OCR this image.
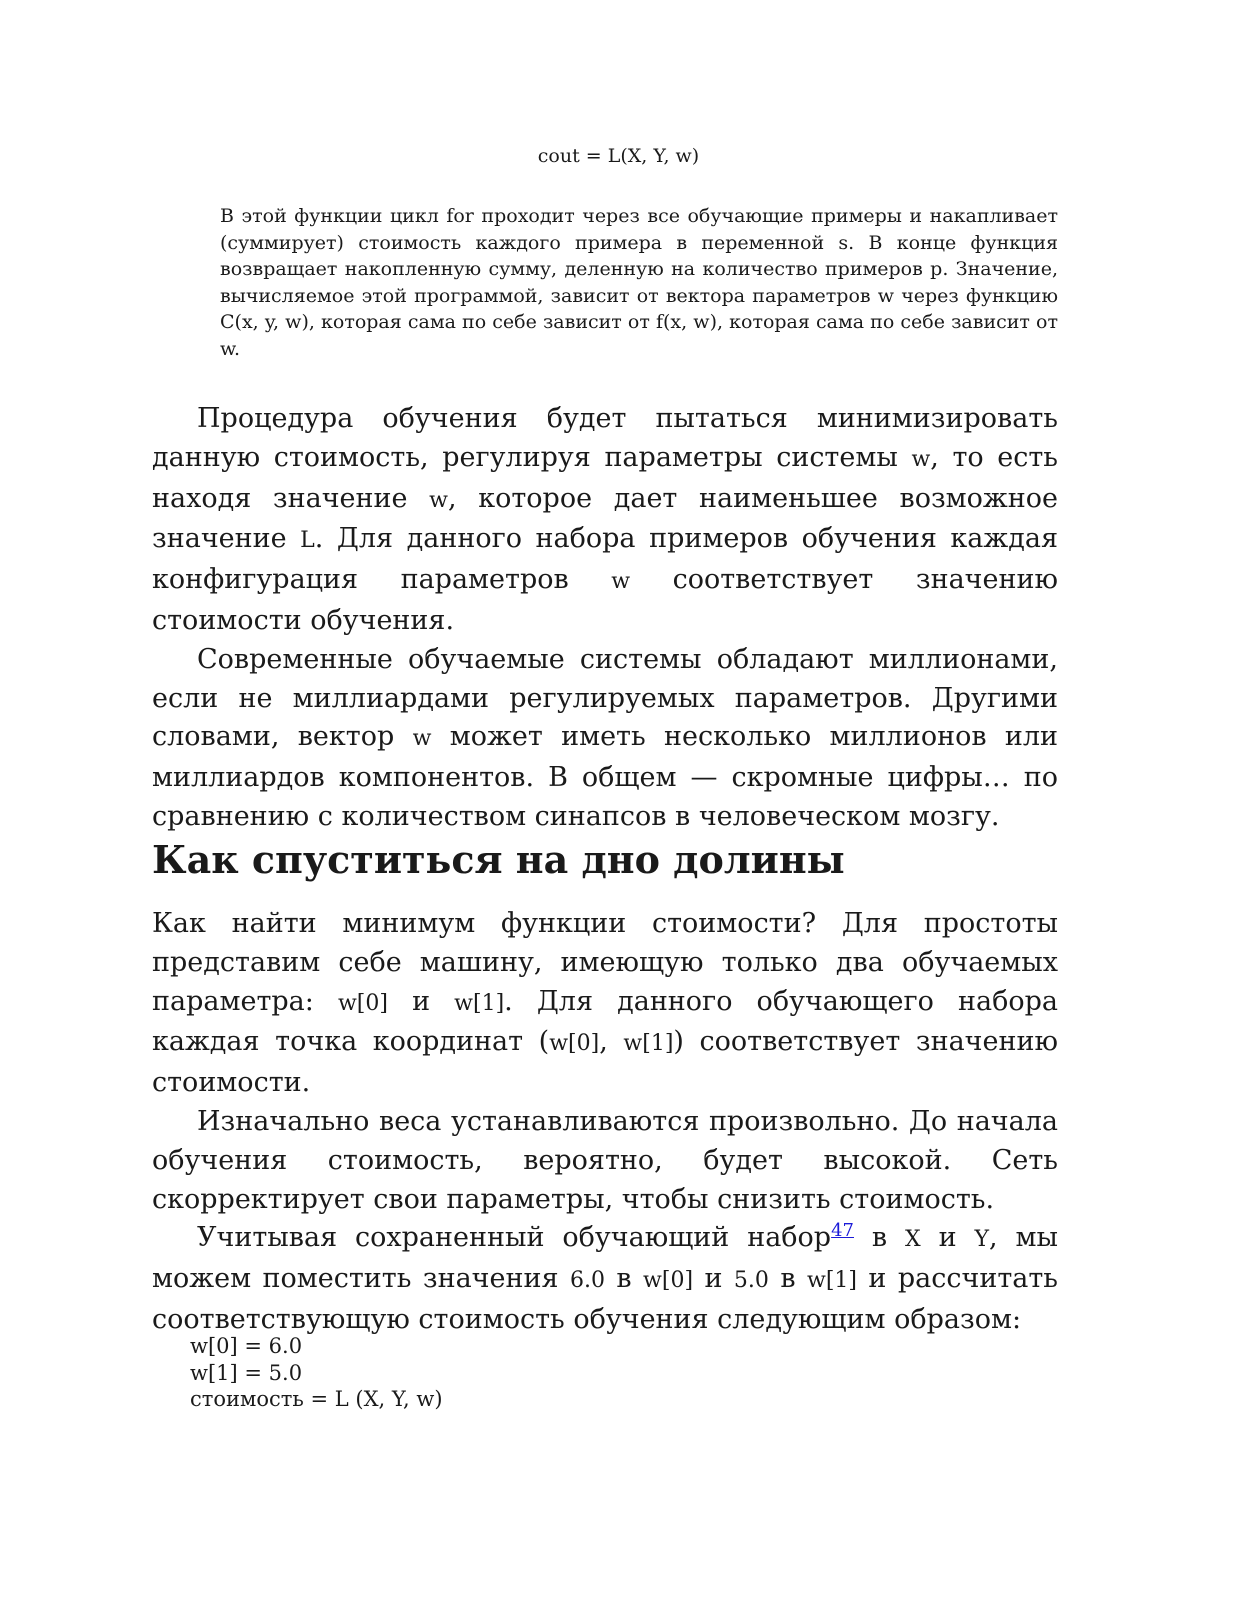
cout = L(X, Y, w)
В этой функции цикл for проходит через все обучающие примеры и накапливает (суммирует) стоимость каждого примера в переменной s. В конце функция возвращает накопленную сумму, деленную на количество примеров p. Значение, вычисляемое этой программой, зависит от вектора параметров w через функцию C(x, y, w), которая сама по себе зависит от f(x, w), которая сама по себе зависит от w.

Процедура обучения будет пытаться минимизировать данную стоимость, регулируя параметры системы w, то есть находя значение w, которое дает наименьшее возможное значение L. Для данного набора примеров обучения каждая конфигурация параметров w соответствует значению стоимости обучения.

Современные обучаемые системы обладают миллионами, если не миллиардами регулируемых параметров. Другими словами, вектор w может иметь несколько миллионов или миллиардов компонентов. В общем — скромные цифры… по сравнению с количеством синапсов в человеческом мозгу.

Как спуститься на дно долины

Как найти минимум функции стоимости? Для простоты представим себе машину, имеющую только два обучаемых параметра: w[0] и w[1]. Для данного обучающего набора каждая точка координат (w[0], w[1]) соответствует значению стоимости.

Изначально веса устанавливаются произвольно. До начала обучения стоимость, вероятно, будет высокой. Сеть скорректирует свои параметры, чтобы снизить стоимость.

Учитывая сохраненный обучающий набор$^{47}$ в X и Y, мы можем поместить значения 6.0 в w[0] и 5.0 в w[1] и рассчитать соответствующую стоимость обучения следующим образом:

w[0] = 6.0
w[1] = 5.0
стоимость = L (X, Y, w)
